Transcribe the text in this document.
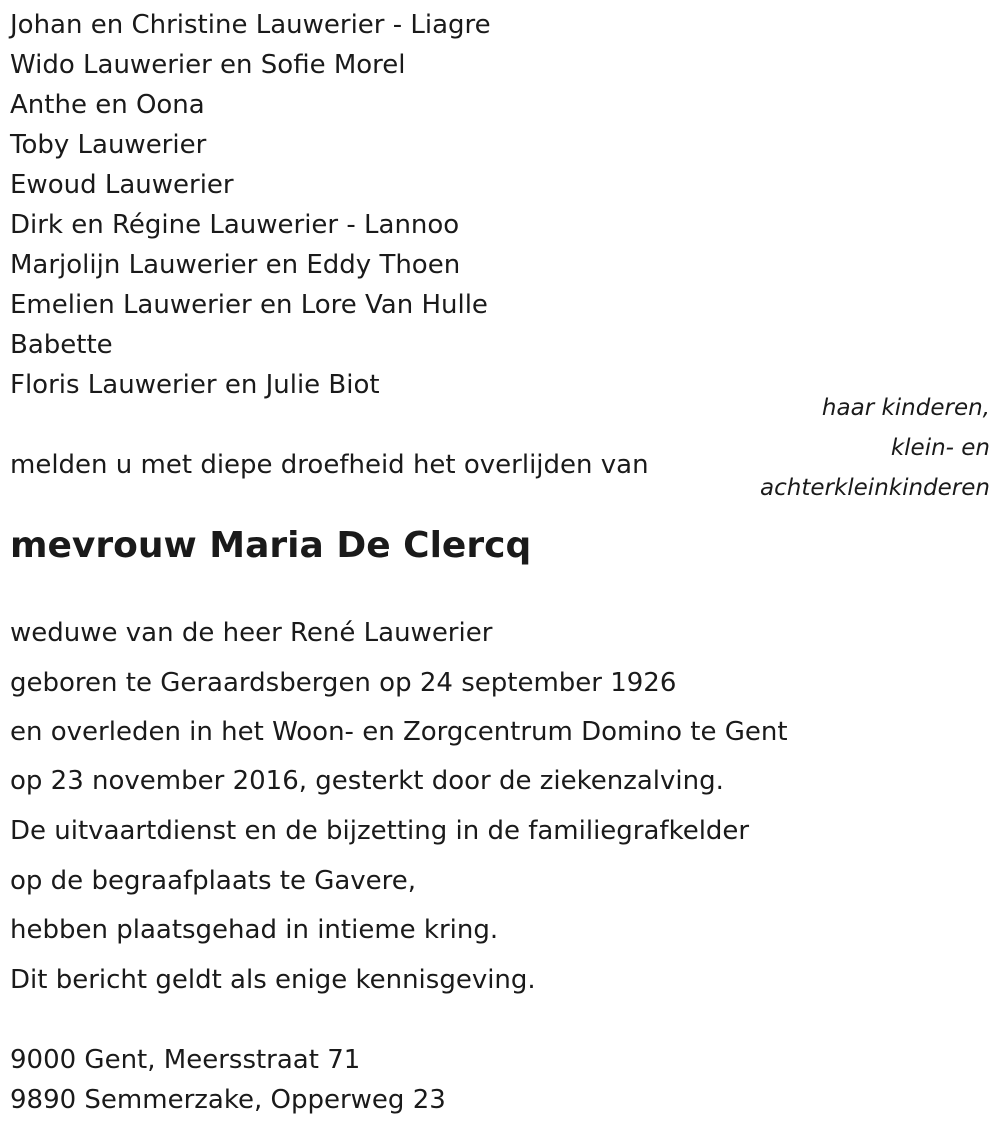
Johan en Christine Lauwerier - Liagre
Wido Lauwerier en Sofie Morel
Anthe en Oona
Toby Lauwerier
Ewoud Lauwerier
Dirk en Régine Lauwerier - Lannoo
Marjolijn Lauwerier en Eddy Thoen
Emelien Lauwerier en Lore Van Hulle
Babette
Floris Lauwerier en Julie Biot
haar kinderen,
klein- en
achterkleinkinderen
melden u met diepe droefheid het overlijden van
mevrouw Maria De Clercq
weduwe van de heer René Lauwerier
geboren te Geraardsbergen op 24 september 1926
en overleden in het Woon- en Zorgcentrum Domino te Gent
op 23 november 2016, gesterkt door de ziekenzalving.
De uitvaartdienst en de bijzetting in de familiegrafkelder
op de begraafplaats te Gavere,
hebben plaatsgehad in intieme kring.
Dit bericht geldt als enige kennisgeving.
9000 Gent, Meersstraat 71
9890 Semmerzake, Opperweg 23
